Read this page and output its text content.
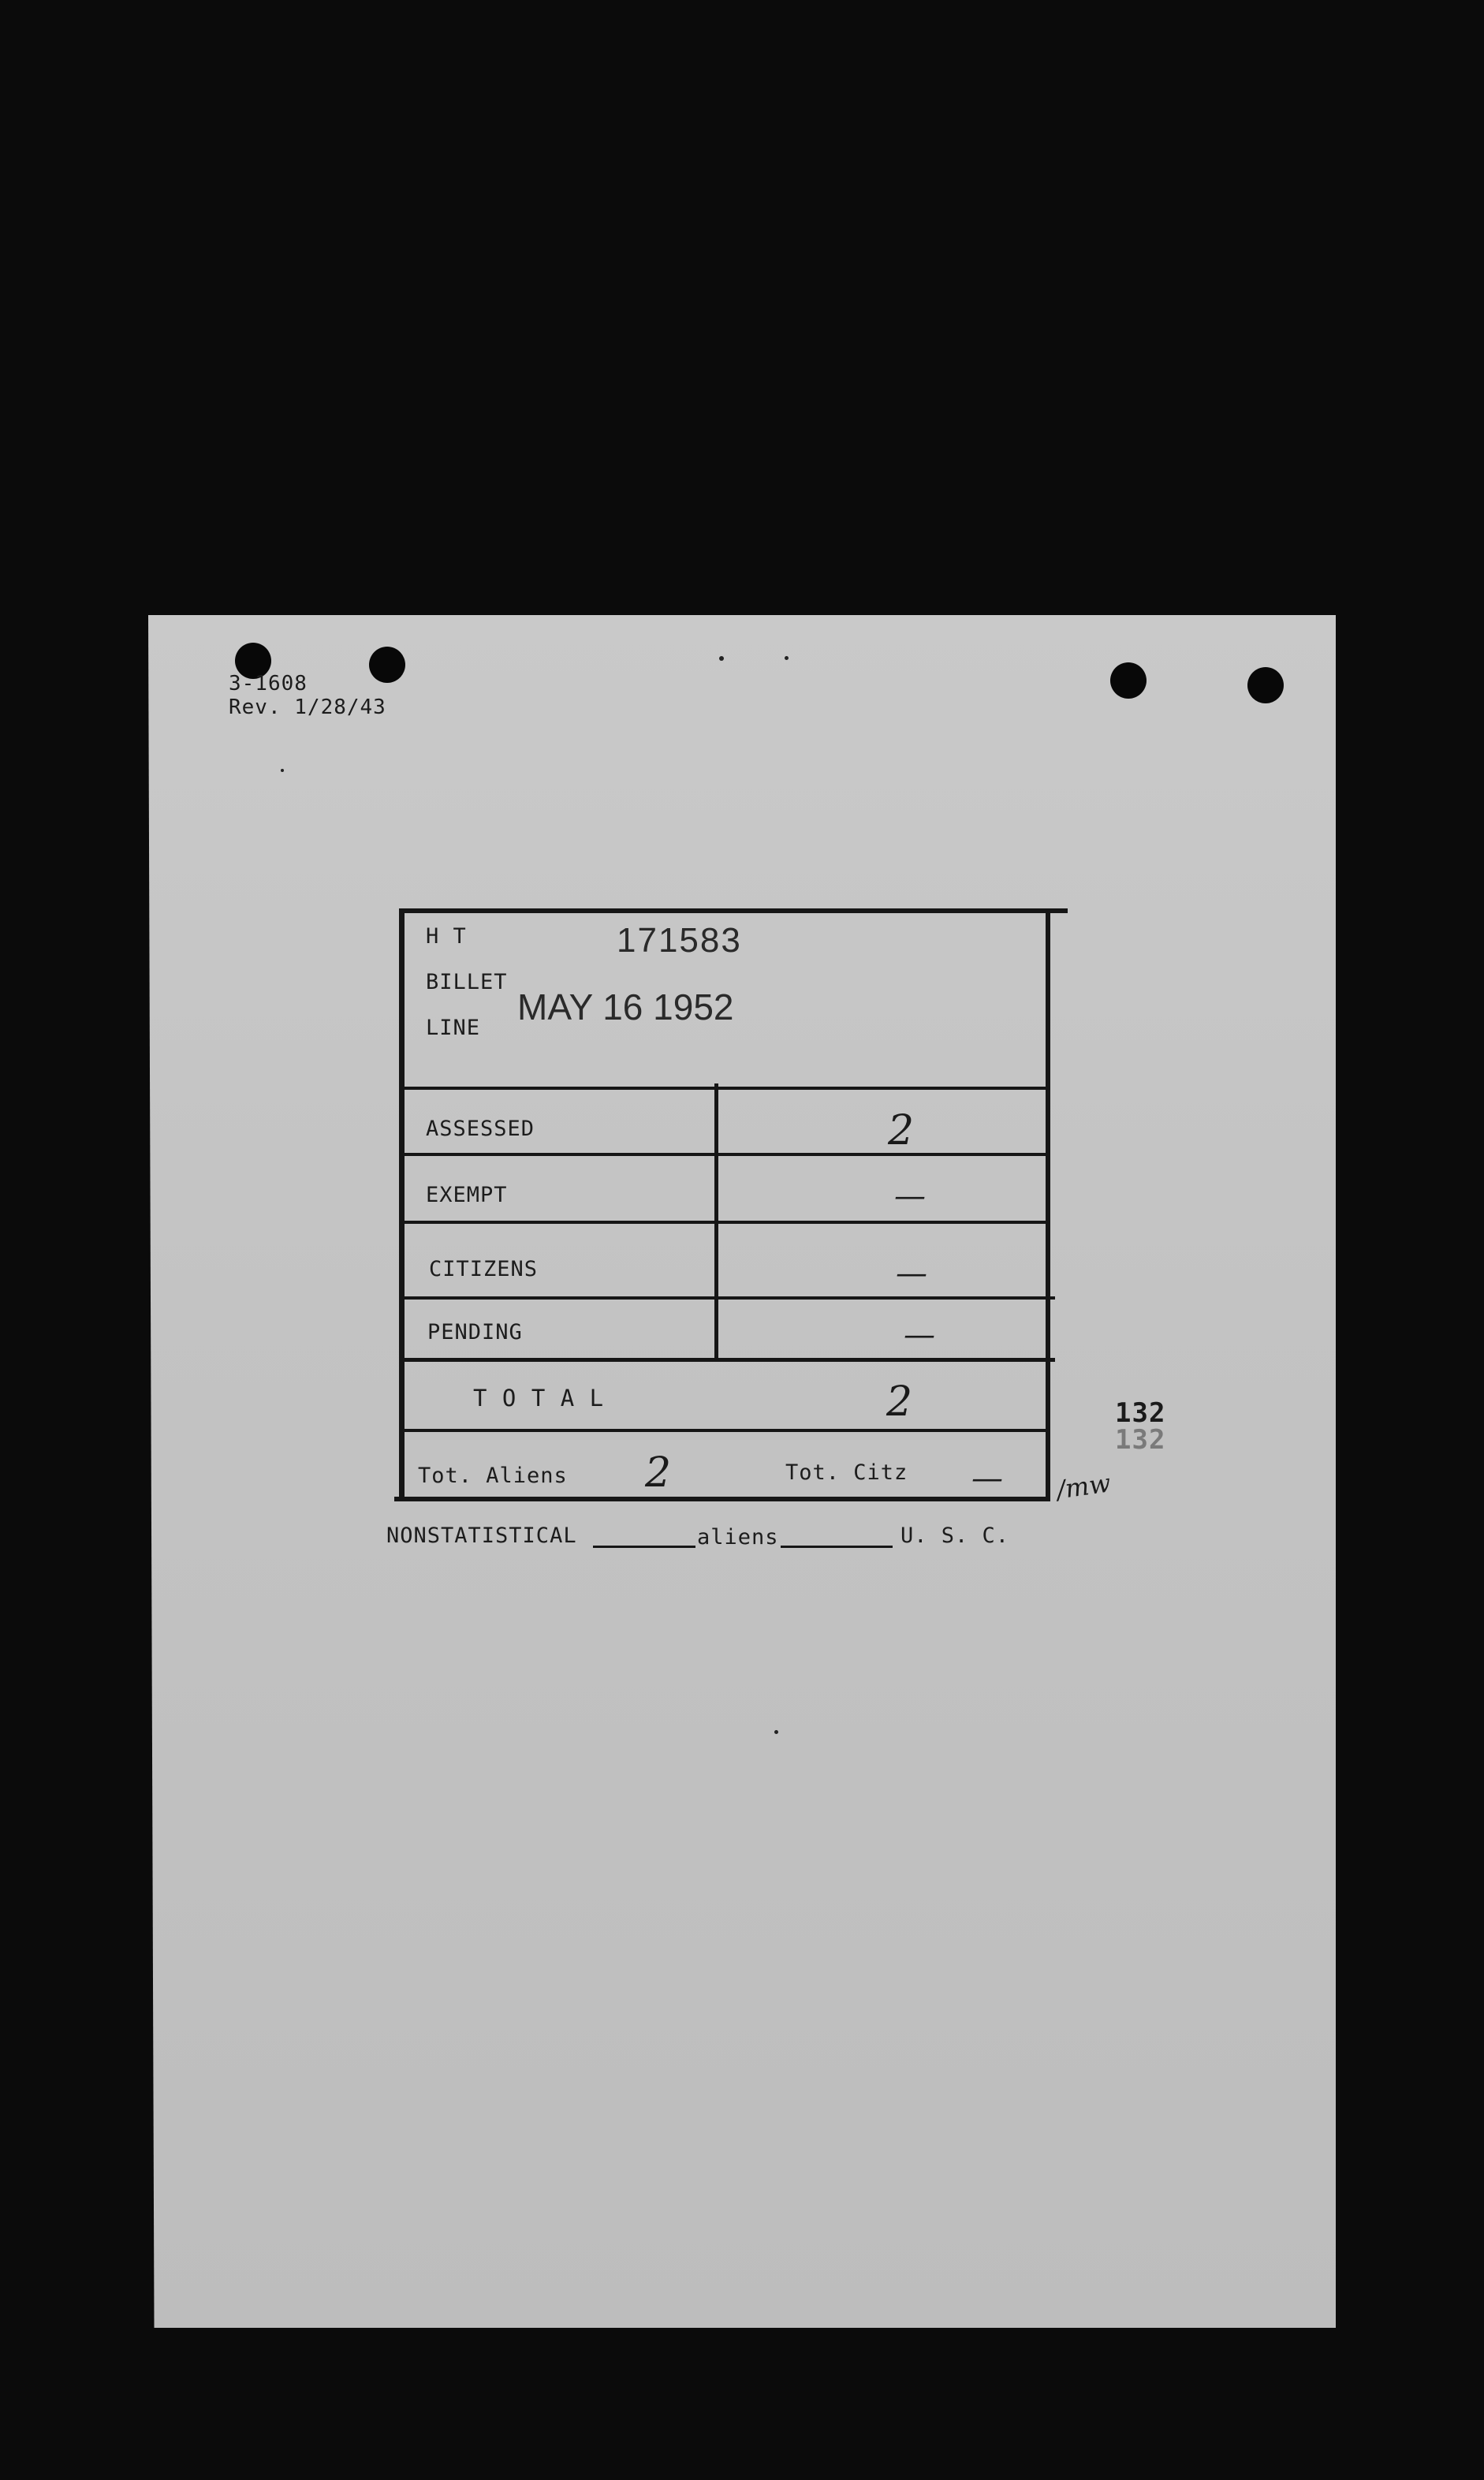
3-1608
Rev. 1/28/43
H T	171583
BILLET
MAY 16 1952
LINE
ASSESSED	2
EXEMPT	—
CITIZENS	—
PENDING	—
T O T A L	2
Tot. Aliens 2	Tot. Citz — /mw
132
132
NONSTATISTICAL	aliens	U. S. C.
